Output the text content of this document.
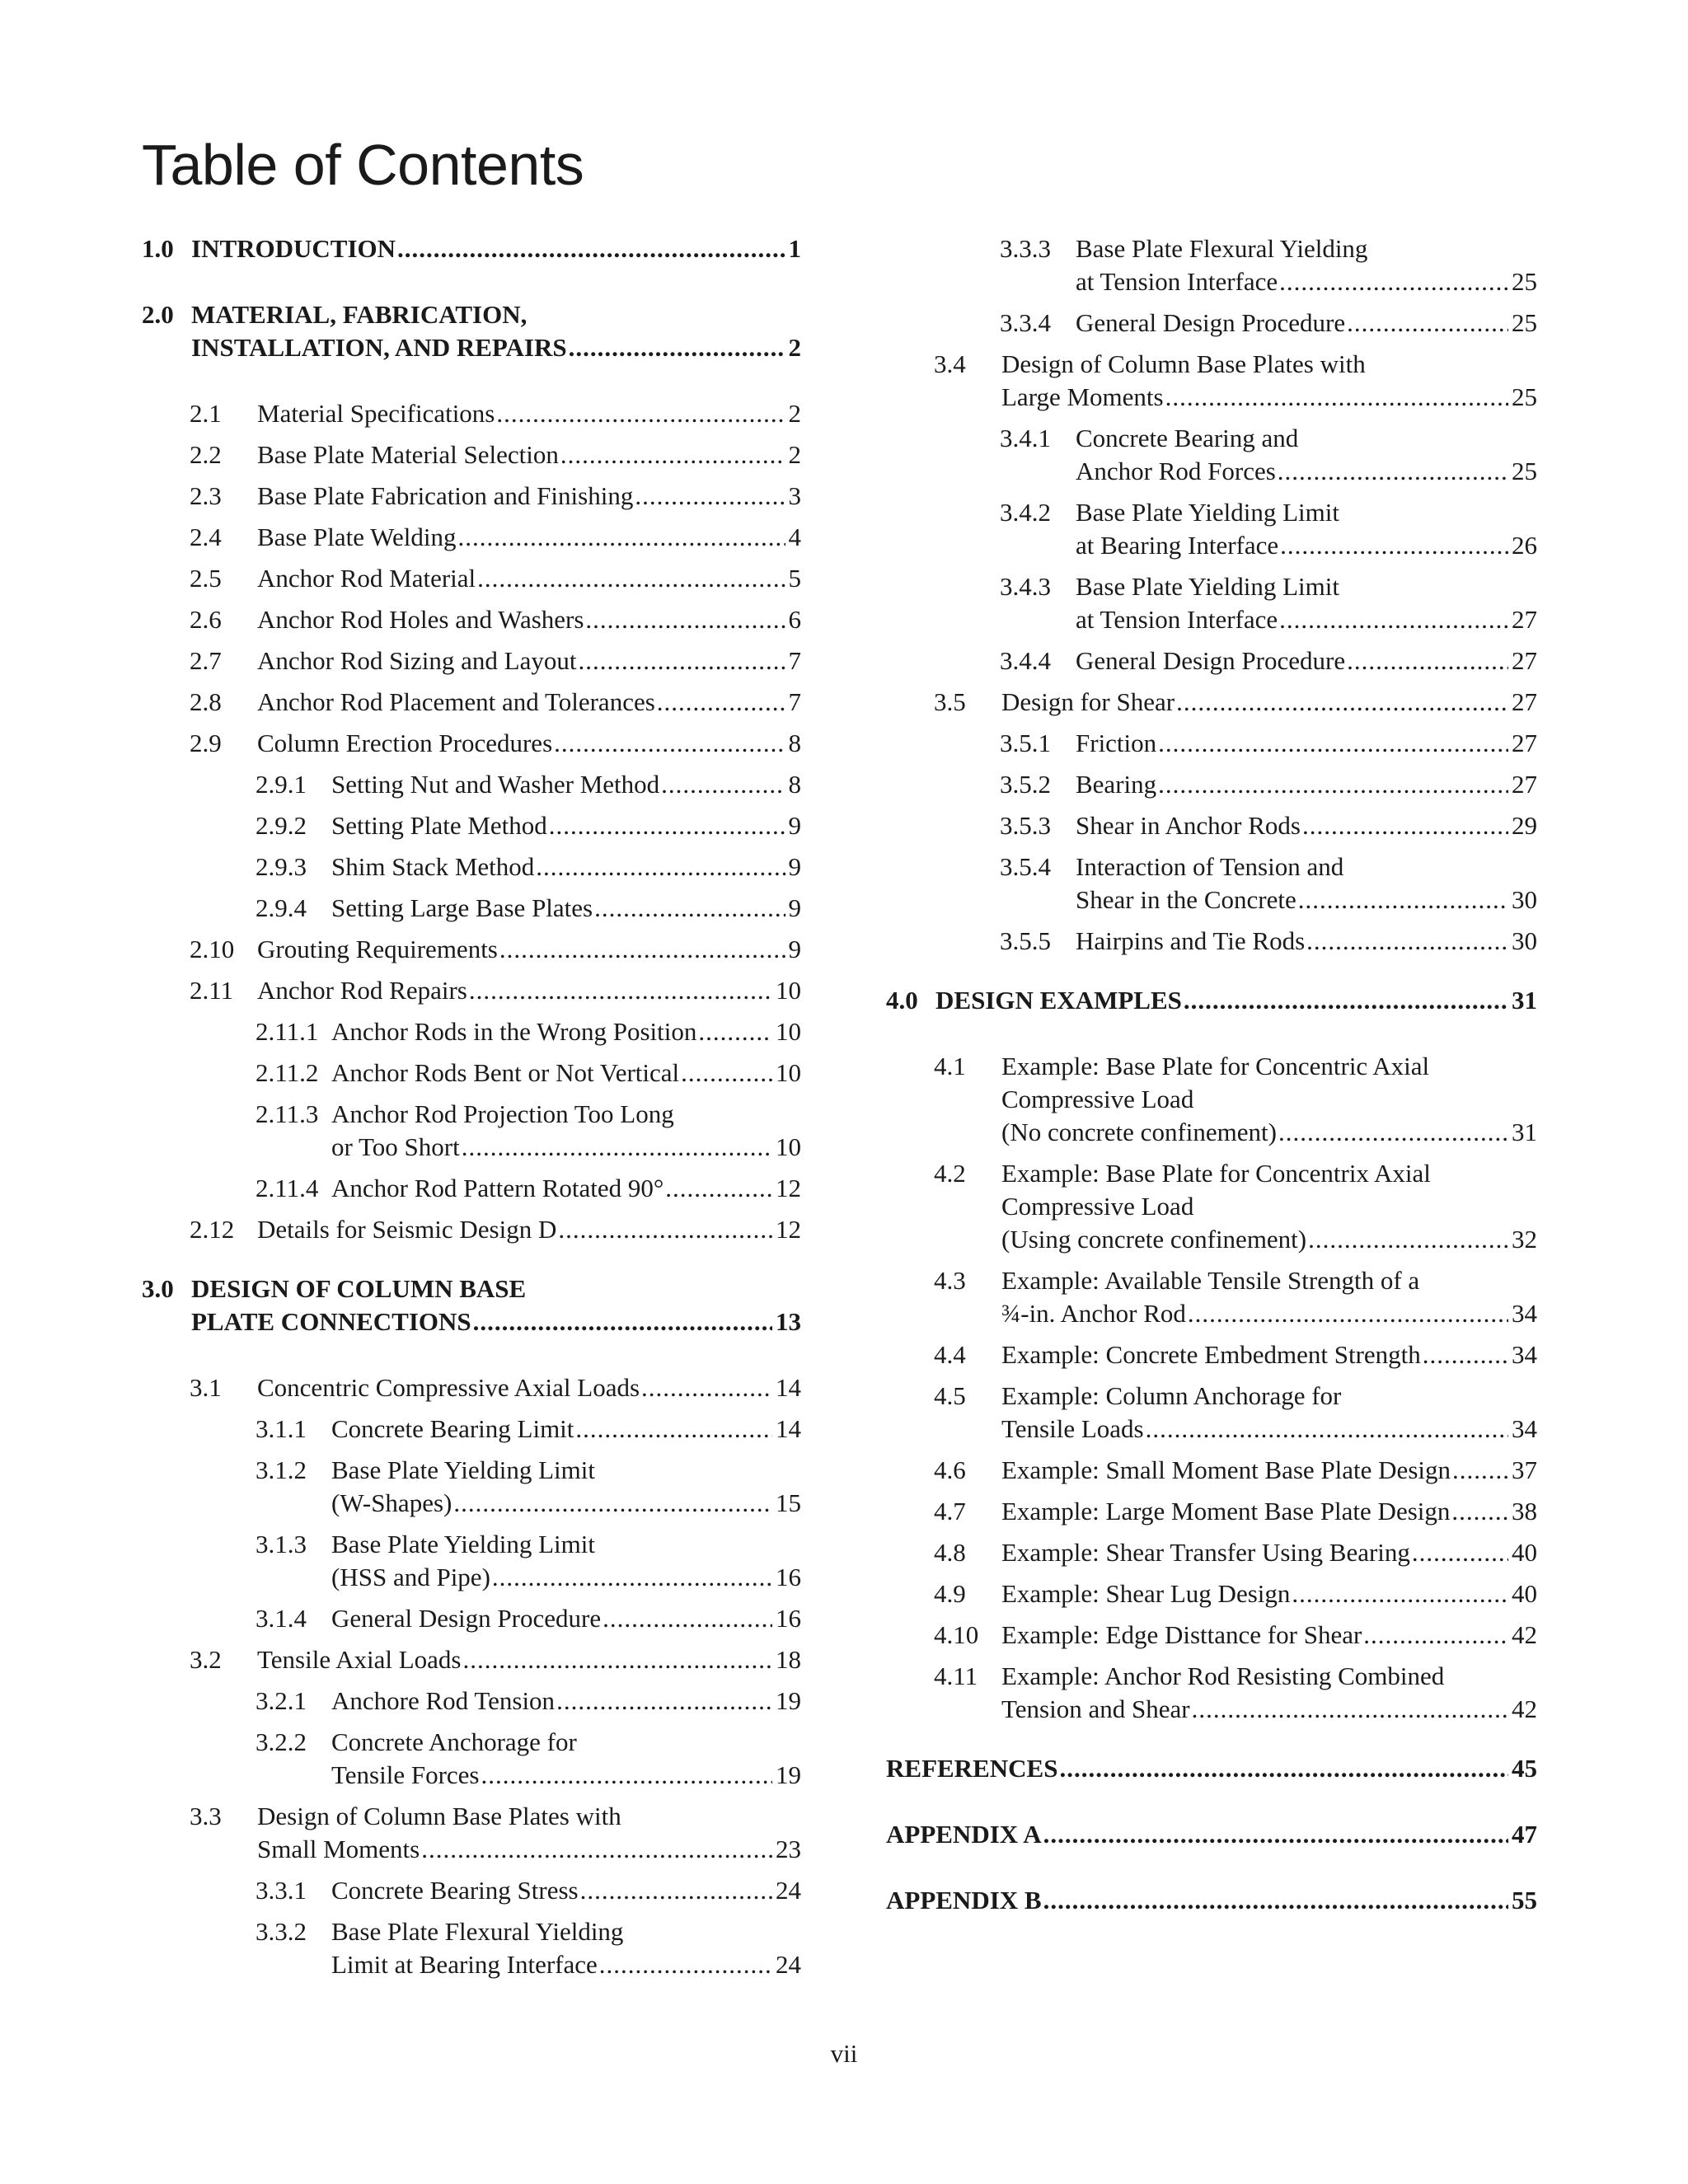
Table of Contents
1.0 INTRODUCTION .....	1
2.0 MATERIAL, FABRICATION,
INSTALLATION, AND REPAIRS .....	2
2.1 Material Specifications .....	2
2.2 Base Plate Material Selection .....	2
2.3 Base Plate Fabrication and Finishing .....	3
2.4 Base Plate Welding .....	4
2.5 Anchor Rod Material .....	5
2.6 Anchor Rod Holes and Washers .....	6
2.7 Anchor Rod Sizing and Layout .....	7
2.8 Anchor Rod Placement and Tolerances .....	7
2.9 Column Erection Procedures .....	8
2.9.1 Setting Nut and Washer Method .....	8
2.9.2 Setting Plate Method .....	9
2.9.3 Shim Stack Method .....	9
2.9.4 Setting Large Base Plates .....	9
2.10 Grouting Requirements .....	9
2.11 Anchor Rod Repairs .....	10
2.11.1 Anchor Rods in the Wrong Position .....	10
2.11.2 Anchor Rods Bent or Not Vertical .....	10
2.11.3 Anchor Rod Projection Too Long
or Too Short .....	10
2.11.4 Anchor Rod Pattern Rotated 90° .....	12
2.12 Details for Seismic Design D .....	12
3.0 DESIGN OF COLUMN BASE
PLATE CONNECTIONS .....	13
3.1 Concentric Compressive Axial Loads .....	14
3.1.1 Concrete Bearing Limit .....	14
3.1.2 Base Plate Yielding Limit
(W-Shapes) .....	15
3.1.3 Base Plate Yielding Limit
(HSS and Pipe) .....	16
3.1.4 General Design Procedure .....	16
3.2 Tensile Axial Loads .....	18
3.2.1 Anchore Rod Tension .....	19
3.2.2 Concrete Anchorage for
Tensile Forces .....	19
3.3 Design of Column Base Plates with
Small Moments .....	23
3.3.1 Concrete Bearing Stress .....	24
3.3.2 Base Plate Flexural Yielding
Limit at Bearing Interface .....	24
3.3.3 Base Plate Flexural Yielding
at Tension Interface .....	25
3.3.4 General Design Procedure .....	25
3.4 Design of Column Base Plates with
Large Moments .....	25
3.4.1 Concrete Bearing and
Anchor Rod Forces .....	25
3.4.2 Base Plate Yielding Limit
at Bearing Interface .....	26
3.4.3 Base Plate Yielding Limit
at Tension Interface .....	27
3.4.4 General Design Procedure .....	27
3.5 Design for Shear .....	27
3.5.1 Friction .....	27
3.5.2 Bearing .....	27
3.5.3 Shear in Anchor Rods .....	29
3.5.4 Interaction of Tension and
Shear in the Concrete .....	30
3.5.5 Hairpins and Tie Rods .....	30
4.0 DESIGN EXAMPLES .....	31
4.1 Example: Base Plate for Concentric Axial
Compressive Load
(No concrete confinement) .....	31
4.2 Example: Base Plate for Concentrix Axial
Compressive Load
(Using concrete confinement) .....	32
4.3 Example: Available Tensile Strength of a
¾-in. Anchor Rod .....	34
4.4 Example: Concrete Embedment Strength .....	34
4.5 Example: Column Anchorage for
Tensile Loads .....	34
4.6 Example: Small Moment Base Plate Design ..... 37
4.7 Example: Large Moment Base Plate Design ..... 38
4.8 Example: Shear Transfer Using Bearing .....	40
4.9 Example: Shear Lug Design .....	40
4.10 Example: Edge Disttance for Shear .....	42
4.11 Example: Anchor Rod Resisting Combined
Tension and Shear .....	42
REFERENCES .....	45
APPENDIX A .....	47
APPENDIX B .....	55
vii
